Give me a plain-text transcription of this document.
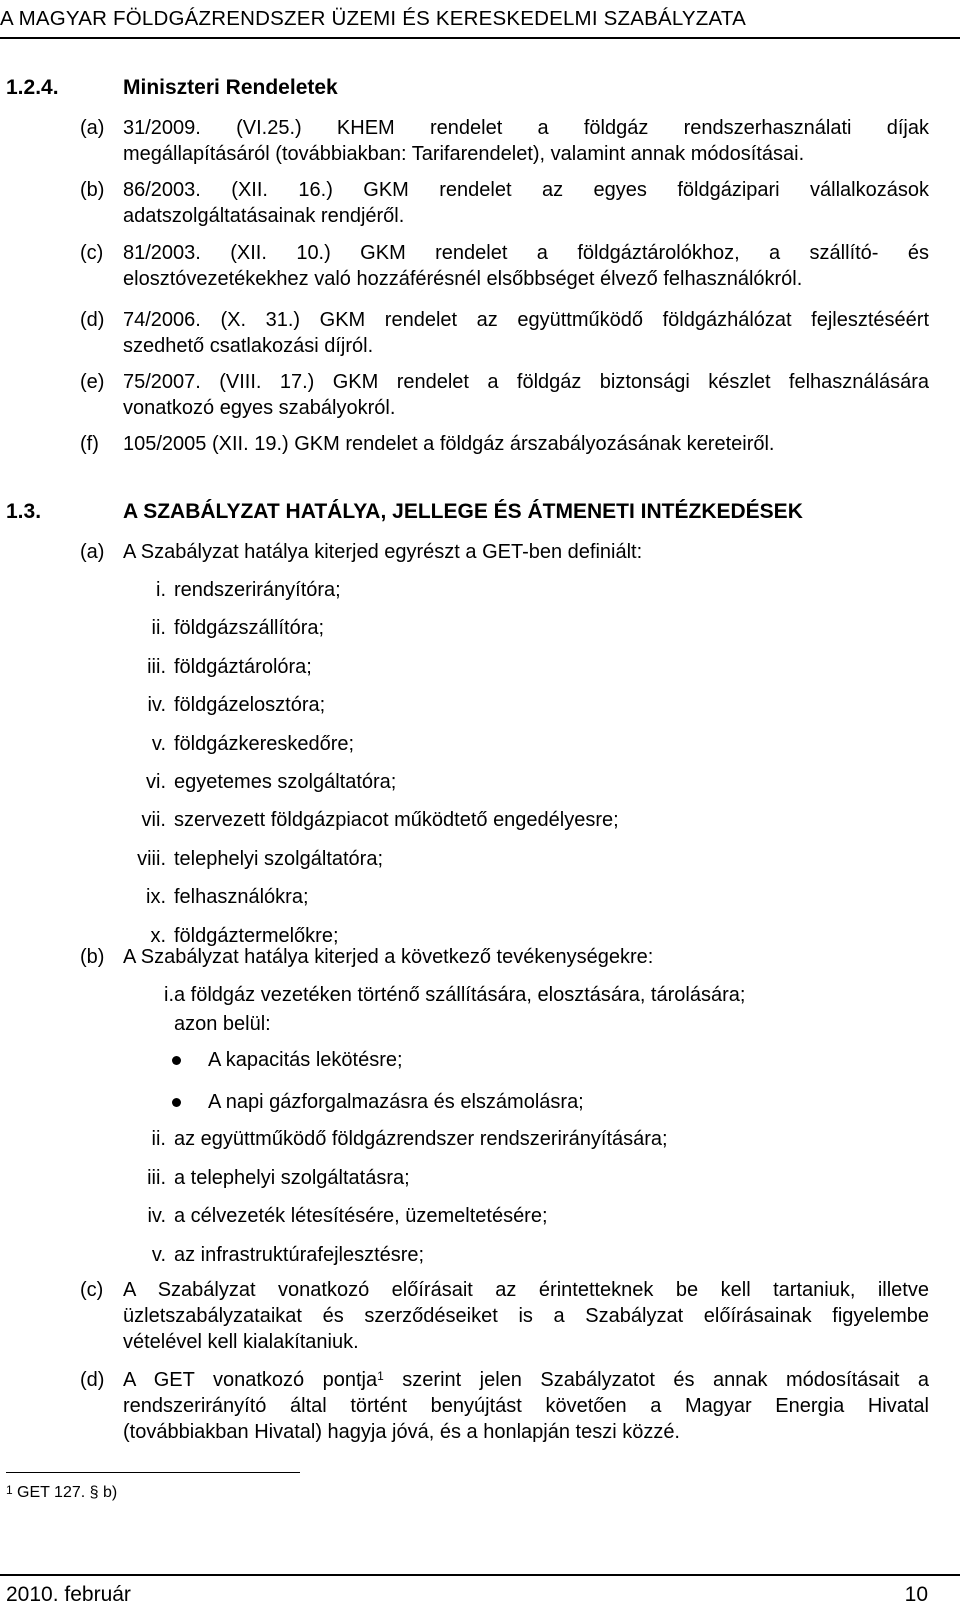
A MAGYAR FÖLDGÁZRENDSZER ÜZEMI ÉS KERESKEDELMI SZABÁLYZATA
1.2.4.	Miniszteri Rendeletek
(a) 31/2009. (VI.25.) KHEM rendelet a földgáz rendszerhasználati díjak
megállapításáról (továbbiakban: Tarifarendelet), valamint annak módosításai.
(b) 86/2003. (XII. 16.) GKM rendelet az egyes földgázipari vállalkozások
adatszolgáltatásainak rendjéről.
(c) 81/2003. (XII. 10.) GKM rendelet a földgáztárolókhoz, a szállító- és
elosztóvezetékekhez való hozzáférésnél elsőbbséget élvező felhasználókról.
(d) 74/2006. (X. 31.) GKM rendelet az együttműködő földgázhálózat fejlesztéséért
szedhető csatlakozási díjról.
(e) 75/2007. (VIII. 17.) GKM rendelet a földgáz biztonsági készlet felhasználására
vonatkozó egyes szabályokról.
(f) 105/2005 (XII. 19.) GKM rendelet a földgáz árszabályozásának kereteiről.
1.3.	A SZABÁLYZAT HATÁLYA, JELLEGE ÉS ÁTMENETI INTÉZKEDÉSEK
(a) A Szabályzat hatálya kiterjed egyrészt a GET-ben definiált:
i. rendszerirányítóra;
ii. földgázszállítóra;
iii. földgáztárolóra;
iv. földgázelosztóra;
v. földgázkereskedőre;
vi. egyetemes szolgáltatóra;
vii. szervezett földgázpiacot működtető engedélyesre;
viii. telephelyi szolgáltatóra;
ix. felhasználókra;
x. földgáztermelőkre;
(b) A Szabályzat hatálya kiterjed a következő tevékenységekre:
i. a földgáz vezetéken történő szállítására, elosztására, tárolására;
azon belül:
A kapacitás lekötésre;
A napi gázforgalmazásra és elszámolásra;
ii. az együttműködő földgázrendszer rendszerirányítására;
iii. a telephelyi szolgáltatásra;
iv. a célvezeték létesítésére, üzemeltetésére;
v. az infrastruktúrafejlesztésre;
(c) A Szabályzat vonatkozó előírásait az érintetteknek be kell tartaniuk, illetve
üzletszabályzataikat és szerződéseiket is a Szabályzat előírásainak figyelembe
vételével kell kialakítaniuk.
(d) A GET vonatkozó pontja$^1$ szerint jelen Szabályzatot és annak módosításait a
rendszerirányító által történt benyújtást követően a Magyar Energia Hivatal
(továbbiakban Hivatal) hagyja jóvá, és a honlapján teszi közzé.
1 GET 127. § b)
2010. február	10
